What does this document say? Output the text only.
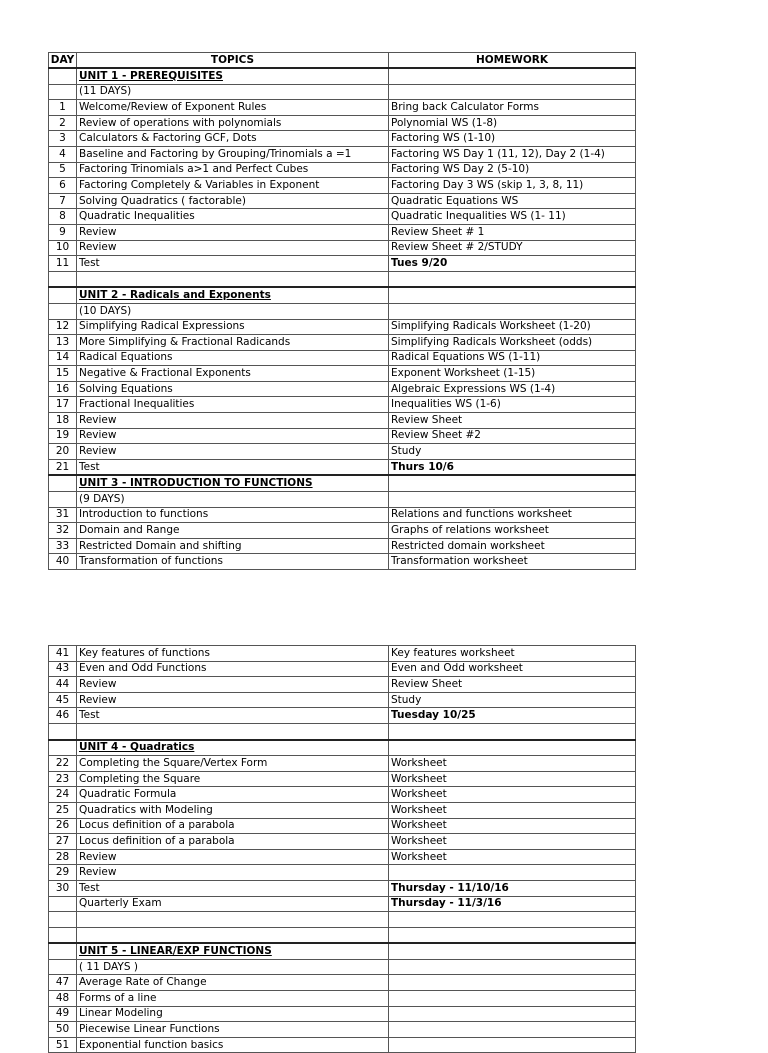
DAY	TOPICS	HOMEWORK
	UNIT 1 - PREREQUISITES	
	(11 DAYS)	
1	Welcome/Review of Exponent Rules	Bring back Calculator Forms
2	Review of operations with polynomials	Polynomial WS (1-8)
3	Calculators & Factoring GCF, Dots	Factoring WS (1-10)
4	Baseline and Factoring by Grouping/Trinomials a =1	Factoring WS Day 1 (11, 12), Day 2 (1-4)
5	Factoring Trinomials a>1 and Perfect Cubes	Factoring WS Day 2 (5-10)
6	Factoring Completely & Variables in Exponent	Factoring Day 3 WS (skip 1, 3, 8, 11)
7	Solving Quadratics ( factorable)	Quadratic Equations WS
8	Quadratic Inequalities	Quadratic Inequalities WS (1- 11)
9	Review	Review Sheet # 1
10	Review	Review Sheet # 2/STUDY
11	Test	Tues 9/20

	UNIT 2 - Radicals and Exponents	
	(10 DAYS)	
12	Simplifying Radical Expressions	Simplifying Radicals Worksheet (1-20)
13	More Simplifying & Fractional Radicands	Simplifying Radicals Worksheet (odds)
14	Radical Equations	Radical Equations WS (1-11)
15	Negative & Fractional Exponents	Exponent Worksheet (1-15)
16	Solving Equations	Algebraic Expressions WS (1-4)
17	Fractional Inequalities	Inequalities WS (1-6)
18	Review	Review Sheet
19	Review	Review Sheet #2
20	Review	Study
21	Test	Thurs 10/6
	UNIT 3 - INTRODUCTION TO FUNCTIONS	
	(9 DAYS)	
31	Introduction to functions	Relations and functions worksheet
32	Domain and Range	Graphs of relations worksheet
33	Restricted Domain and shifting	Restricted domain worksheet
40	Transformation of functions	Transformation worksheet
41	Key features of functions	Key features worksheet
43	Even and Odd Functions	Even and Odd worksheet
44	Review	Review Sheet
45	Review	Study
46	Test	Tuesday 10/25

	UNIT 4 - Quadratics	
22	Completing the Square/Vertex Form	Worksheet
23	Completing the Square	Worksheet
24	Quadratic Formula	Worksheet
25	Quadratics with Modeling	Worksheet
26	Locus definition of a parabola	Worksheet
27	Locus definition of a parabola	Worksheet
28	Review	Worksheet
29	Review	
30	Test	Thursday - 11/10/16
	Quarterly Exam	Thursday - 11/3/16

	UNIT 5 - LINEAR/EXP FUNCTIONS	
	( 11 DAYS )	
47	Average Rate of Change	
48	Forms of a line	
49	Linear Modeling	
50	Piecewise Linear Functions	
51	Exponential function basics	
